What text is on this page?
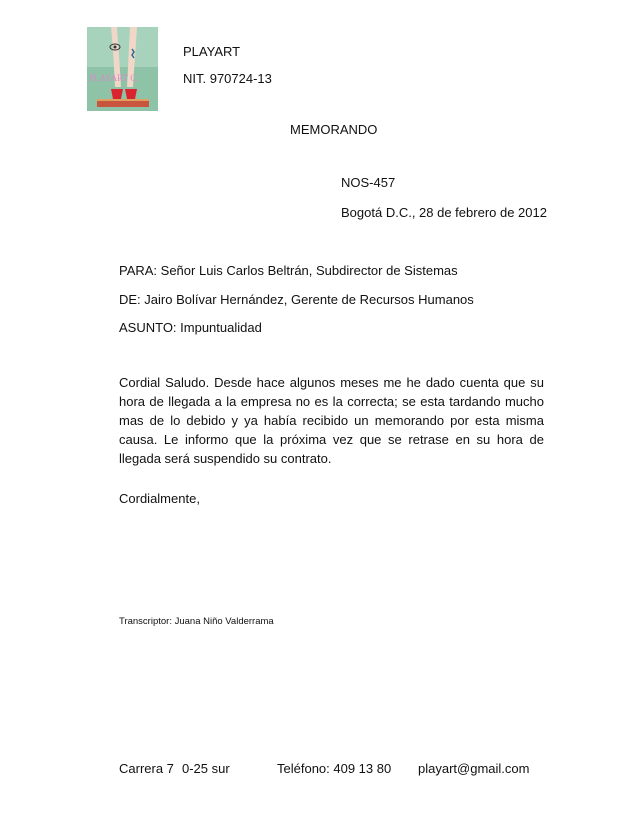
PLAYART C:
PLAYART
NIT. 970724-13
MEMORANDO
NOS-457
Bogotá D.C., 28 de febrero de 2012
PARA: Señor Luis Carlos Beltrán, Subdirector de Sistemas
DE: Jairo Bolívar Hernández, Gerente de Recursos Humanos
ASUNTO: Impuntualidad
Cordial Saludo. Desde hace algunos meses me he dado cuenta que su hora de llegada a la empresa no es la correcta; se esta tardando mucho mas de lo debido y ya había recibido un memorando por esta misma causa. Le informo que la próxima vez que se retrase en su hora de llegada será suspendido su contrato.
Cordialmente,
Transcriptor: Juana Niño Valderrama
Carrera 7 0-25 sur	Teléfono: 409 13 80 playart@gmail.com
